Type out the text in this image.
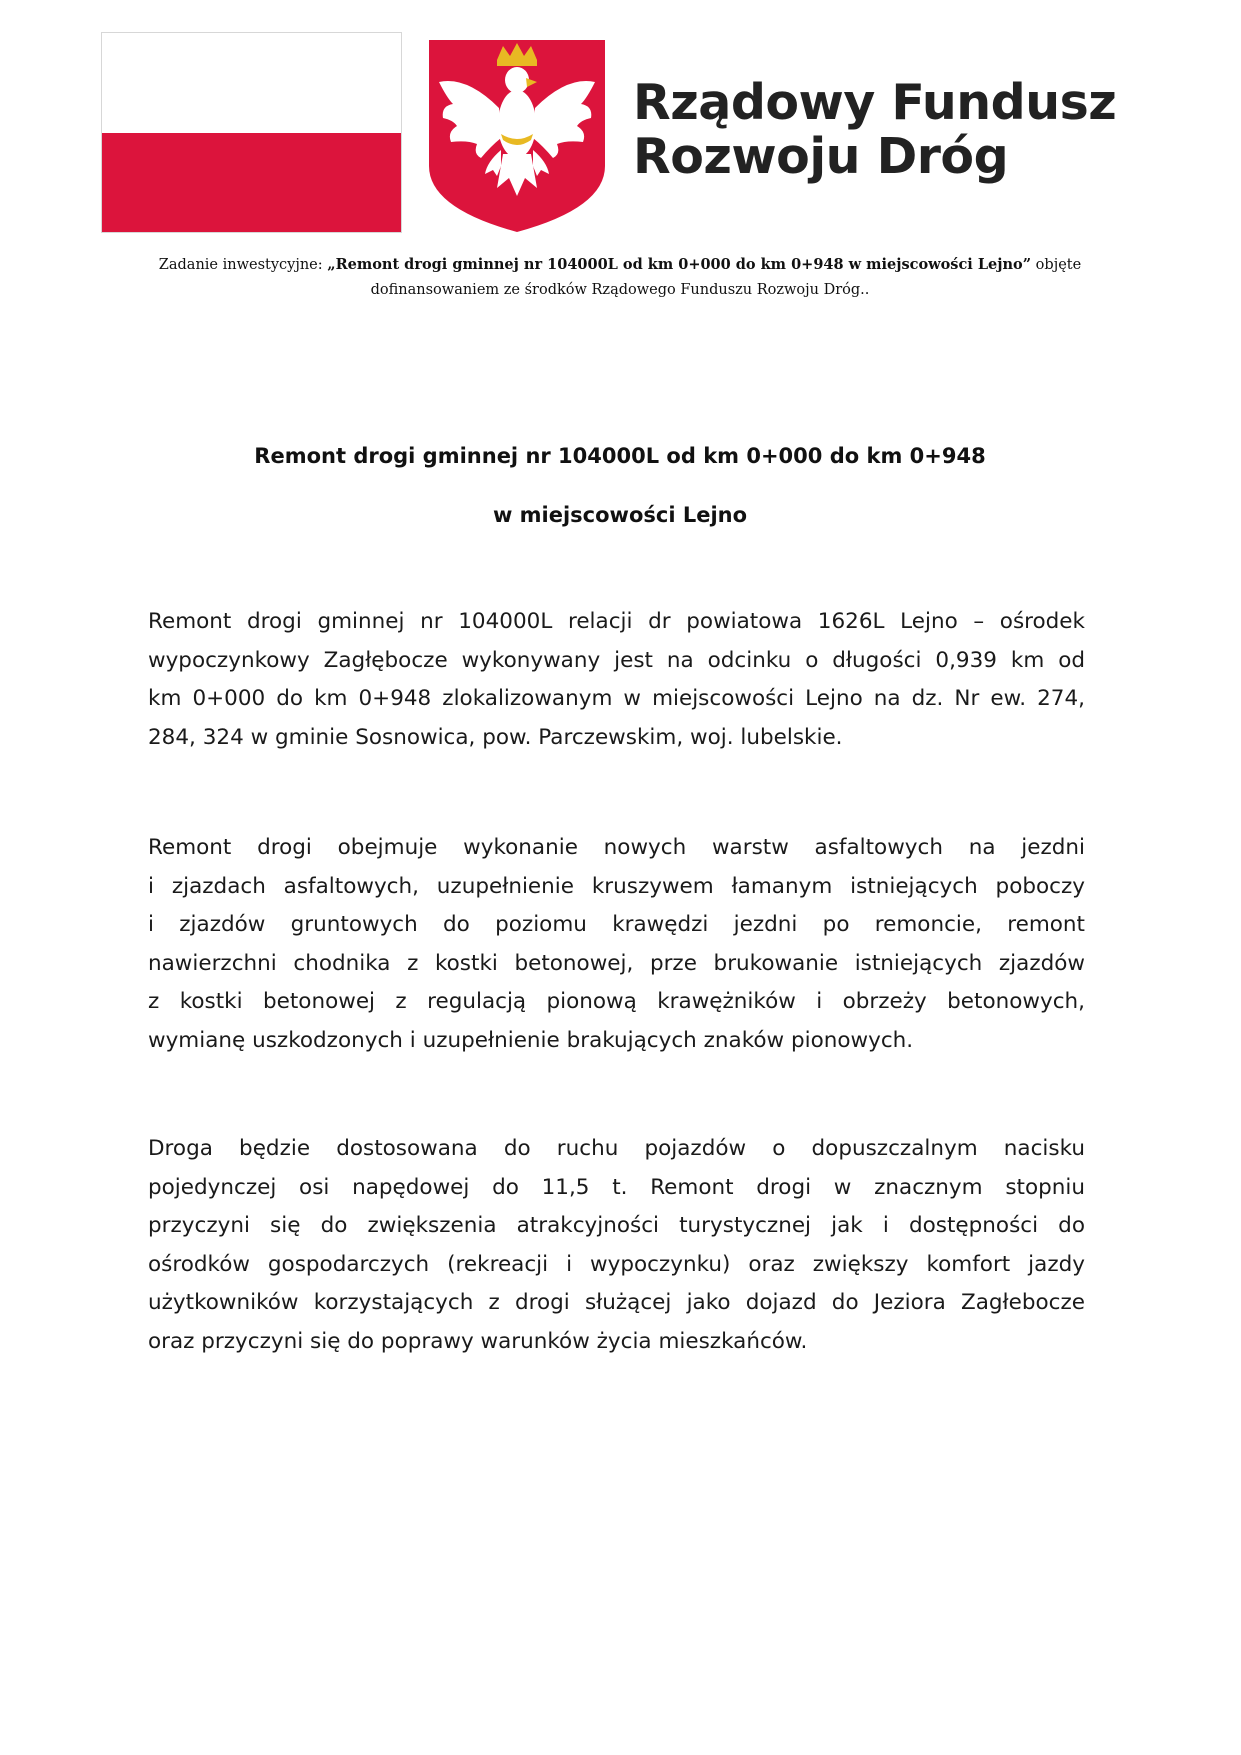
Rządowy Fundusz
Rozwoju Dróg
Zadanie inwestycyjne: „Remont drogi gminnej nr 104000L od km 0+000 do km 0+948 w miejscowości Lejno” objęte
dofinansowaniem ze środków Rządowego Funduszu Rozwoju Dróg..
Remont drogi gminnej nr 104000L od km 0+000 do km 0+948
w miejscowości Lejno
Remont drogi gminnej nr 104000L relacji dr powiatowa 1626L Lejno – ośrodek
wypoczynkowy Zagłębocze wykonywany jest na odcinku o długości 0,939 km od
km 0+000 do km 0+948 zlokalizowanym w miejscowości Lejno na dz. Nr ew. 274,
284, 324 w gminie Sosnowica, pow. Parczewskim, woj. lubelskie.
Remont drogi obejmuje wykonanie nowych warstw asfaltowych na jezdni
i zjazdach asfaltowych, uzupełnienie kruszywem łamanym istniejących poboczy
i zjazdów gruntowych do poziomu krawędzi jezdni po remoncie, remont
nawierzchni chodnika z kostki betonowej, prze brukowanie istniejących zjazdów
z kostki betonowej z regulacją pionową krawężników i obrzeży betonowych,
wymianę uszkodzonych i uzupełnienie brakujących znaków pionowych.
Droga będzie dostosowana do ruchu pojazdów o dopuszczalnym nacisku
pojedynczej osi napędowej do 11,5 t. Remont drogi w znacznym stopniu
przyczyni się do zwiększenia atrakcyjności turystycznej jak i dostępności do
ośrodków gospodarczych (rekreacji i wypoczynku) oraz zwiększy komfort jazdy
użytkowników korzystających z drogi służącej jako dojazd do Jeziora Zagłebocze
oraz przyczyni się do poprawy warunków życia mieszkańców.
